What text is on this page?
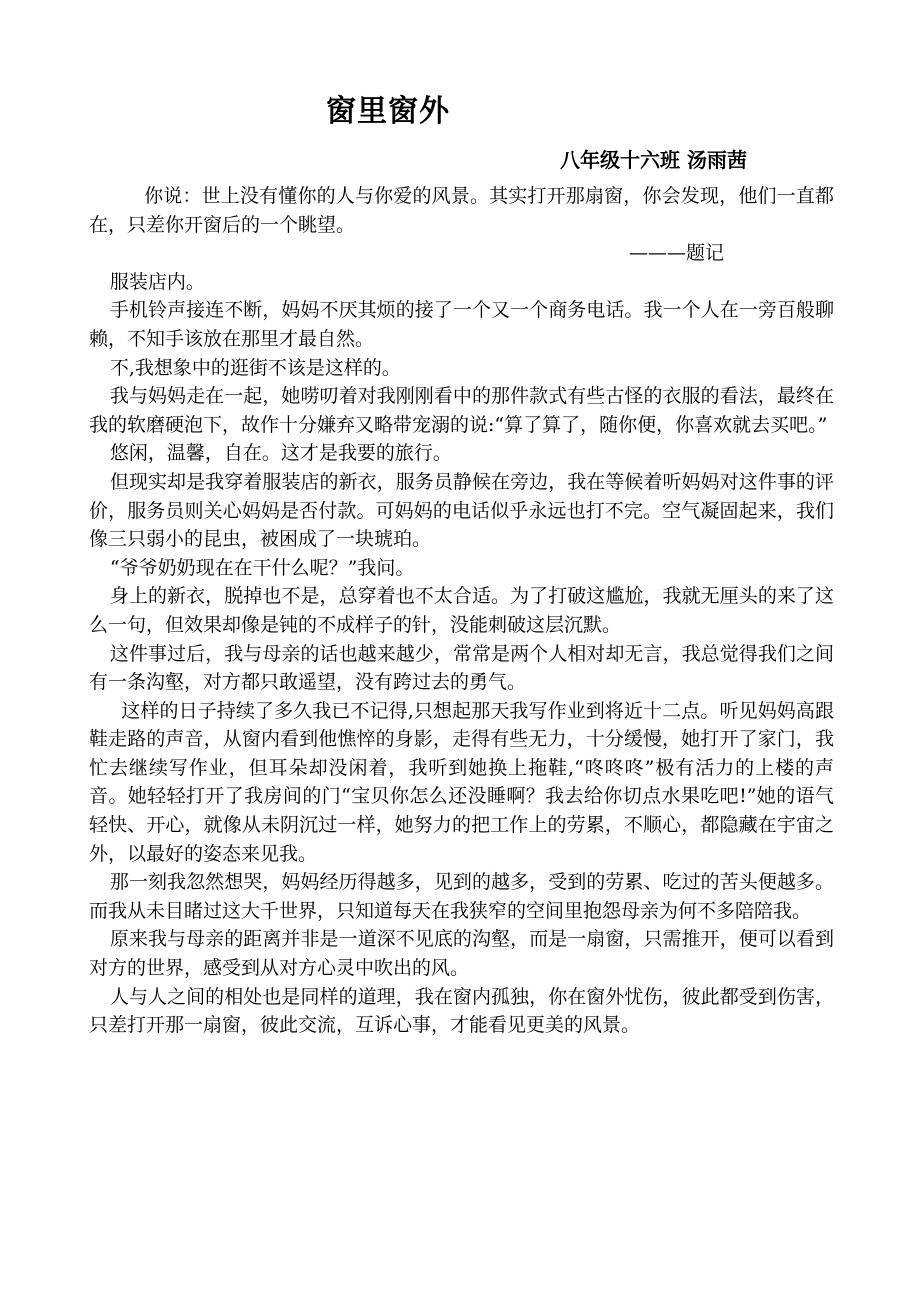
窗里窗外
八年级十六班 汤雨茜

你说：世上没有懂你的人与你爱的风景。其实打开那扇窗，你会发现，他们一直都在，只差你开窗后的一个眺望。

———题记

服装店内。

手机铃声接连不断，妈妈不厌其烦的接了一个又一个商务电话。我一个人在一旁百般聊赖，不知手该放在那里才最自然。

不,我想象中的逛街不该是这样的。

我与妈妈走在一起，她唠叨着对我刚刚看中的那件款式有些古怪的衣服的看法，最终在我的软磨硬泡下，故作十分嫌弃又略带宠溺的说:“算了算了，随你便，你喜欢就去买吧。”

悠闲，温馨，自在。这才是我要的旅行。

但现实却是我穿着服装店的新衣，服务员静候在旁边，我在等候着听妈妈对这件事的评价，服务员则关心妈妈是否付款。可妈妈的电话似乎永远也打不完。空气凝固起来，我们像三只弱小的昆虫，被困成了一块琥珀。

“爷爷奶奶现在在干什么呢？”我问。

身上的新衣，脱掉也不是，总穿着也不太合适。为了打破这尴尬，我就无厘头的来了这么一句，但效果却像是钝的不成样子的针，没能刺破这层沉默。

这件事过后，我与母亲的话也越来越少，常常是两个人相对却无言，我总觉得我们之间有一条沟壑，对方都只敢遥望，没有跨过去的勇气。

这样的日子持续了多久我已不记得,只想起那天我写作业到将近十二点。听见妈妈高跟鞋走路的声音，从窗内看到他憔悴的身影，走得有些无力，十分缓慢，她打开了家门，我忙去继续写作业，但耳朵却没闲着，我听到她换上拖鞋,“咚咚咚”极有活力的上楼的声音。她轻轻打开了我房间的门“宝贝你怎么还没睡啊？我去给你切点水果吃吧!”她的语气轻快、开心，就像从未阴沉过一样，她努力的把工作上的劳累，不顺心，都隐藏在宇宙之外，以最好的姿态来见我。

那一刻我忽然想哭，妈妈经历得越多，见到的越多，受到的劳累、吃过的苦头便越多。而我从未目睹过这大千世界，只知道每天在我狭窄的空间里抱怨母亲为何不多陪陪我。

原来我与母亲的距离并非是一道深不见底的沟壑，而是一扇窗，只需推开，便可以看到对方的世界，感受到从对方心灵中吹出的风。

人与人之间的相处也是同样的道理，我在窗内孤独，你在窗外忧伤，彼此都受到伤害，只差打开那一扇窗，彼此交流，互诉心事，才能看见更美的风景。
